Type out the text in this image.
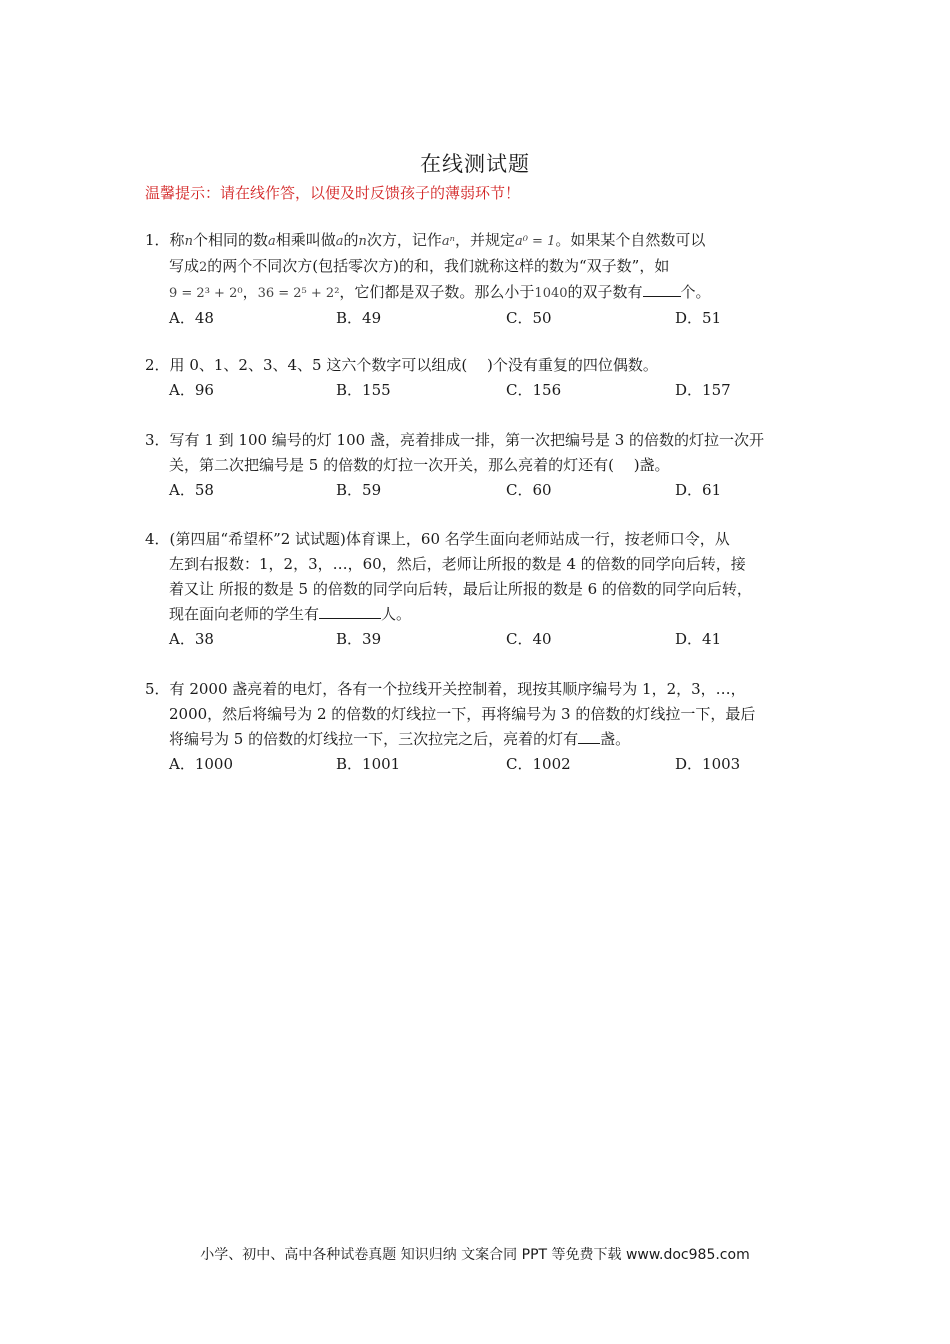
在线测试题
温馨提示：请在线作答，以便及时反馈孩子的薄弱环节！
1．称n个相同的数a相乘叫做a的n次方，记作aⁿ，并规定a⁰ = 1。如果某个自然数可以
写成2的两个不同次方(包括零次方)的和，我们就称这样的数为“双子数”，如
9 = 2³ + 2⁰，36 = 2⁵ + 2²，它们都是双子数。那么小于1040的双子数有	个。
A．48	B．49	C．50	D．51
2．用 0、1、2、3、4、5 这六个数字可以组成(　 )个没有重复的四位偶数。
A．96	B．155	C．156	D．157
3．写有 1 到 100 编号的灯 100 盏，亮着排成一排，第一次把编号是 3 的倍数的灯拉一次开
关，第二次把编号是 5 的倍数的灯拉一次开关，那么亮着的灯还有(　 )盏。
A．58	B．59	C．60	D．61
4．(第四届“希望杯”2 试试题)体育课上，60 名学生面向老师站成一行，按老师口令，从
左到右报数：1，2，3，…，60，然后，老师让所报的数是 4 的倍数的同学向后转，接
着又让 所报的数是 5 的倍数的同学向后转，最后让所报的数是 6 的倍数的同学向后转，
现在面向老师的学生有	人。
A．38	B．39	C．40	D．41
5．有 2000 盏亮着的电灯，各有一个拉线开关控制着，现按其顺序编号为 1，2，3，…，
2000，然后将编号为 2 的倍数的灯线拉一下，再将编号为 3 的倍数的灯线拉一下，最后
将编号为 5 的倍数的灯线拉一下，三次拉完之后，亮着的灯有 盏。
A．1000	B．1001	C．1002	D．1003
小学、初中、高中各种试卷真题 知识归纳 文案合同 PPT 等免费下载 www.doc985.com
